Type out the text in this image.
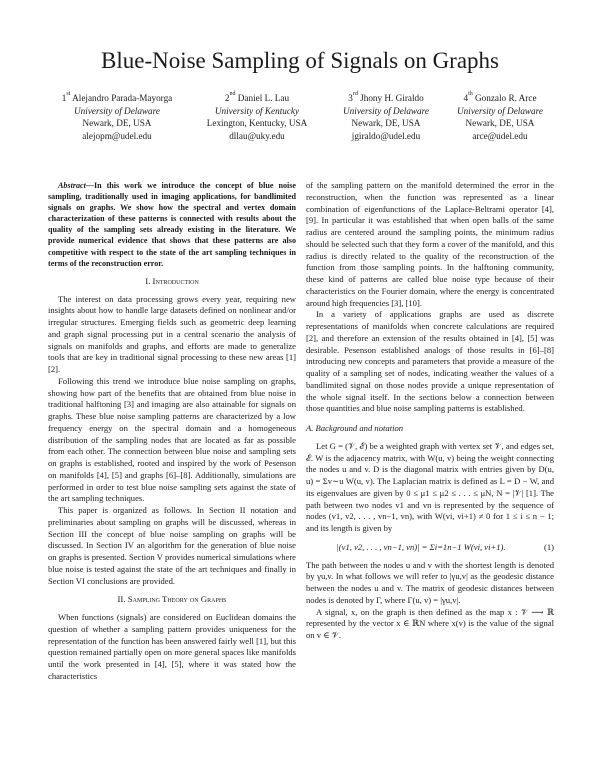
Blue-Noise Sampling of Signals on Graphs
1st Alejandro Parada-Mayorga
University of Delaware
Newark, DE, USA
alejopm@udel.edu
2nd Daniel L. Lau
University of Kentucky
Lexington, Kentucky, USA
dllau@uky.edu
3rd Jhony H. Giraldo
University of Delaware
Newark, DE, USA
jgiraldo@udel.edu
4th Gonzalo R. Arce
University of Delaware
Newark, DE, USA
arce@udel.edu

Abstract—In this work we introduce the concept of blue noise sampling, traditionally used in imaging applications, for bandlimited signals on graphs. We show how the spectral and vertex domain characterization of these patterns is connected with results about the quality of the sampling sets already existing in the literature. We provide numerical evidence that shows that these patterns are also competitive with respect to the state of the art sampling techniques in terms of the reconstruction error.

I. Introduction

The interest on data processing grows every year, requiring new insights about how to handle large datasets defined on nonlinear and/or irregular structures. Emerging fields such as geometric deep learning and graph signal processing put in a central scenario the analysis of signals on manifolds and graphs, and efforts are made to generalize tools that are key in traditional signal processing to these new areas [1] [2].

Following this trend we introduce blue noise sampling on graphs, showing how part of the benefits that are obtained from blue noise in traditional halftoning [3] and imaging are also attainable for signals on graphs. These blue noise sampling patterns are characterized by a low frequency energy on the spectral domain and a homogeneous distribution of the sampling nodes that are located as far as possible from each other. The connection between blue noise and sampling sets on graphs is established, rooted and inspired by the work of Pesenson on manifolds [4], [5] and graphs [6]–[8]. Additionally, simulations are performed in order to test blue noise sampling sets against the state of the art sampling techniques.

This paper is organized as follows. In Section II notation and preliminaries about sampling on graphs will be discussed, whereas in Section III the concept of blue noise sampling on graphs will be discussed. In Section IV an algorithm for the generation of blue noise on graphs is presented. Section V provides numerical simulations where blue noise is tested against the state of the art techniques and finally in Section VI conclusions are provided.

II. Sampling Theory on Graphs

When functions (signals) are considered on Euclidean domains the question of whether a sampling pattern provides uniqueness for the representation of the function has been answered fairly well [1], but this question remained partially open on more general spaces like manifolds until the work presented in [4], [5], where it was stated how the characteristics

of the sampling pattern on the manifold determined the error in the reconstruction, when the function was represented as a linear combination of eigenfunctions of the Laplace-Beltrami operator [4], [9]. In particular it was established that when open balls of the same radius are centered around the sampling points, the minimum radius should be selected such that they form a cover of the manifold, and this radius is directly related to the quality of the reconstruction of the function from those sampling points. In the halftoning community, these kind of patterns are called blue noise type because of their characteristics on the Fourier domain, where the energy is concentrated around high frequencies [3], [10].

In a variety of applications graphs are used as discrete representations of manifolds when concrete calculations are required [2], and therefore an extension of the results obtained in [4], [5] was desirable. Pesenson established analogs of those results in [6]–[8] introducing new concepts and parameters that provide a measure of the quality of a sampling set of nodes, indicating weather the values of a bandlimited signal on those nodes provide a unique representation of the whole signal itself. In the sections below a connection between those quantities and blue noise sampling patterns is established.

A. Background and notation

Let G = (𝒱, ℰ) be a weighted graph with vertex set 𝒱, and edges set, ℰ. W is the adjacency matrix, with W(u, v) being the weight connecting the nodes u and v. D is the diagonal matrix with entries given by D(u, u) = Σv∼u W(u, v). The Laplacian matrix is defined as L = D − W, and its eigenvalues are given by 0 ≤ μ1 ≤ μ2 ≤ . . . ≤ μN, N = |𝒱| [1]. The path between two nodes v1 and vn is represented by the sequence of nodes (v1, v2, . . . , vn−1, vn), with W(vi, vi+1) ≠ 0 for 1 ≤ i ≤ n − 1; and its length is given by

|(v1, v2, . . . , vn−1, vn)| = Σi=1n−1 W(vi, vi+1).	(1)

The path between the nodes u and v with the shortest length is denoted by γu,v. In what follows we will refer to |γu,v| as the geodesic distance between the nodes u and v. The matrix of geodesic distances between nodes is denoted by Γ, where Γ(u, v) = |γu,v|.

A signal, x, on the graph is then defined as the map x : 𝒱 ⟶ ℝ represented by the vector x ∈ ℝN where x(v) is the value of the signal on v ∈ 𝒱.
